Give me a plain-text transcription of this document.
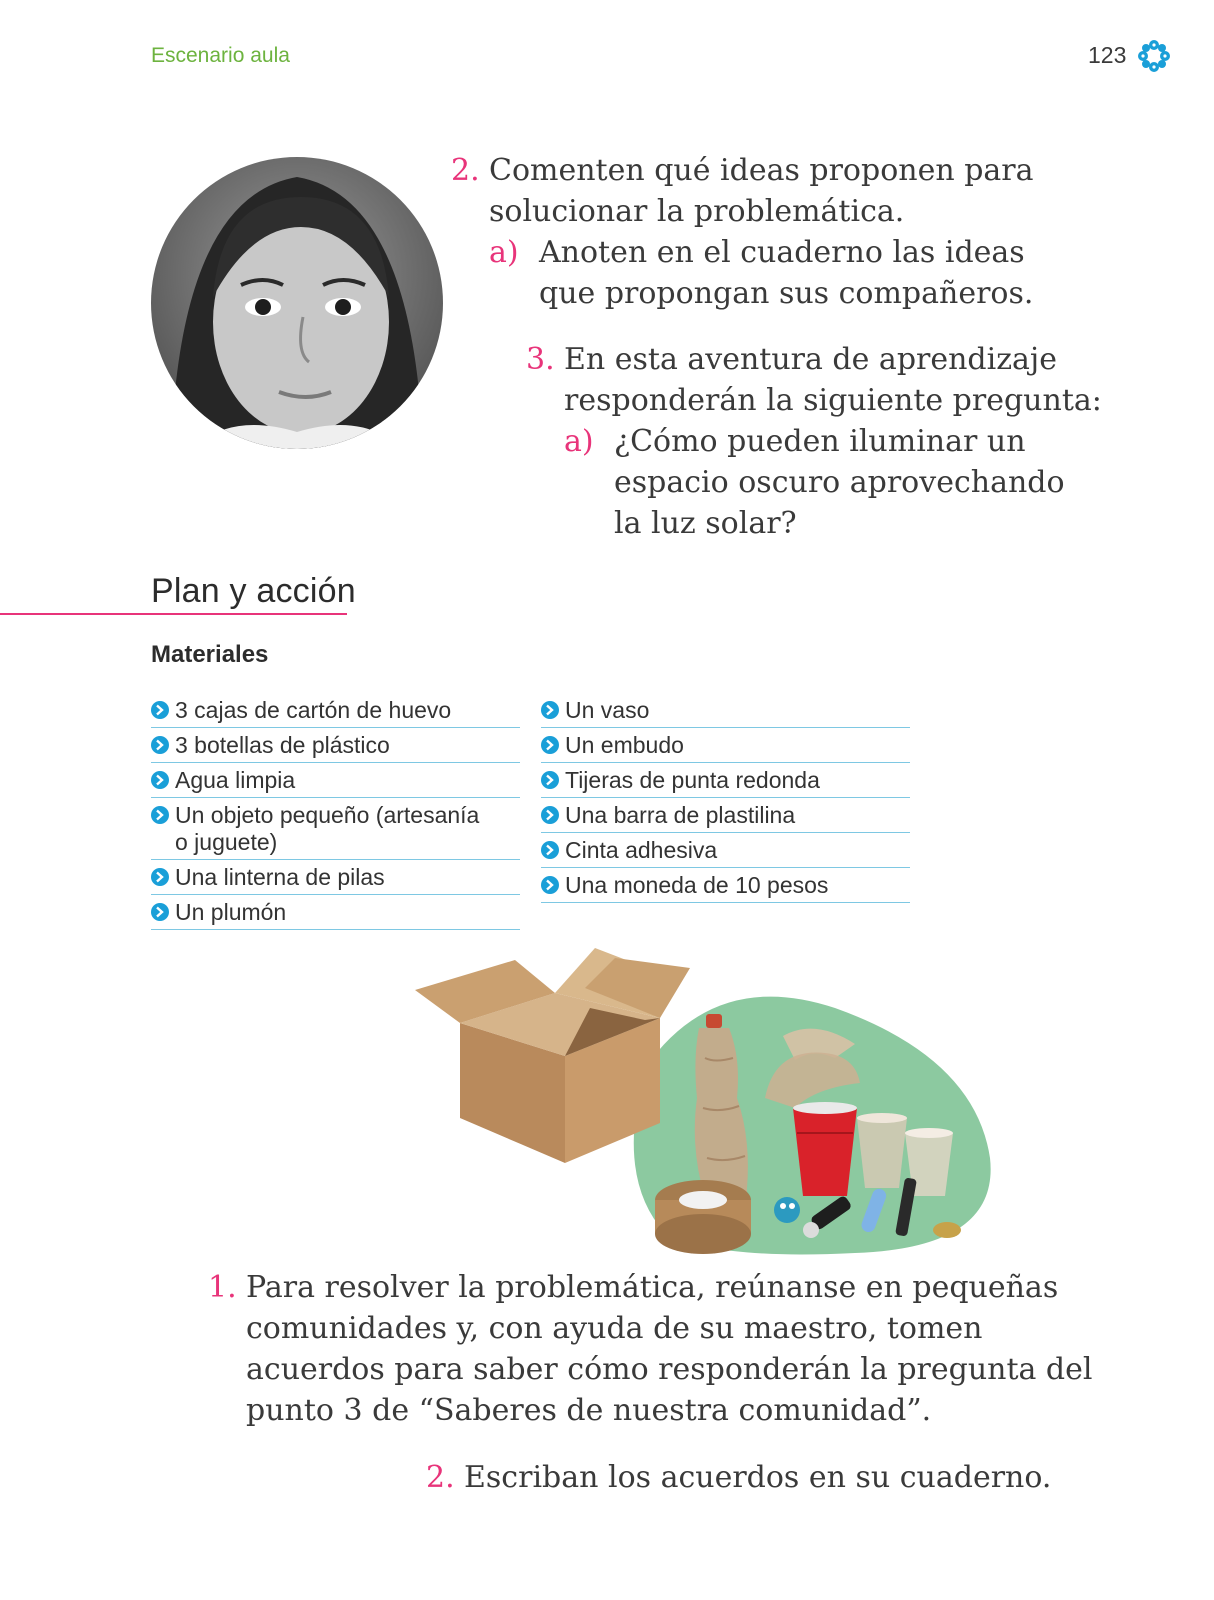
Escenario aula	123
2. Comenten qué ideas proponen para
solucionar la problemática.
a) Anoten en el cuaderno las ideas
que propongan sus compañeros.
3. En esta aventura de aprendizaje
responderán la siguiente pregunta:
a) ¿Cómo pueden iluminar un
espacio oscuro aprovechando
la luz solar?
Plan y acción
Materiales
3 cajas de cartón de huevo
3 botellas de plástico
Agua limpia
Un objeto pequeño (artesanía
o juguete)
Una linterna de pilas
Un plumón
Un vaso
Un embudo
Tijeras de punta redonda
Una barra de plastilina
Cinta adhesiva
Una moneda de 10 pesos
1. Para resolver la problemática, reúnanse en pequeñas
comunidades y, con ayuda de su maestro, tomen
acuerdos para saber cómo responderán la pregunta del
punto 3 de “Saberes de nuestra comunidad”.
2. Escriban los acuerdos en su cuaderno.
